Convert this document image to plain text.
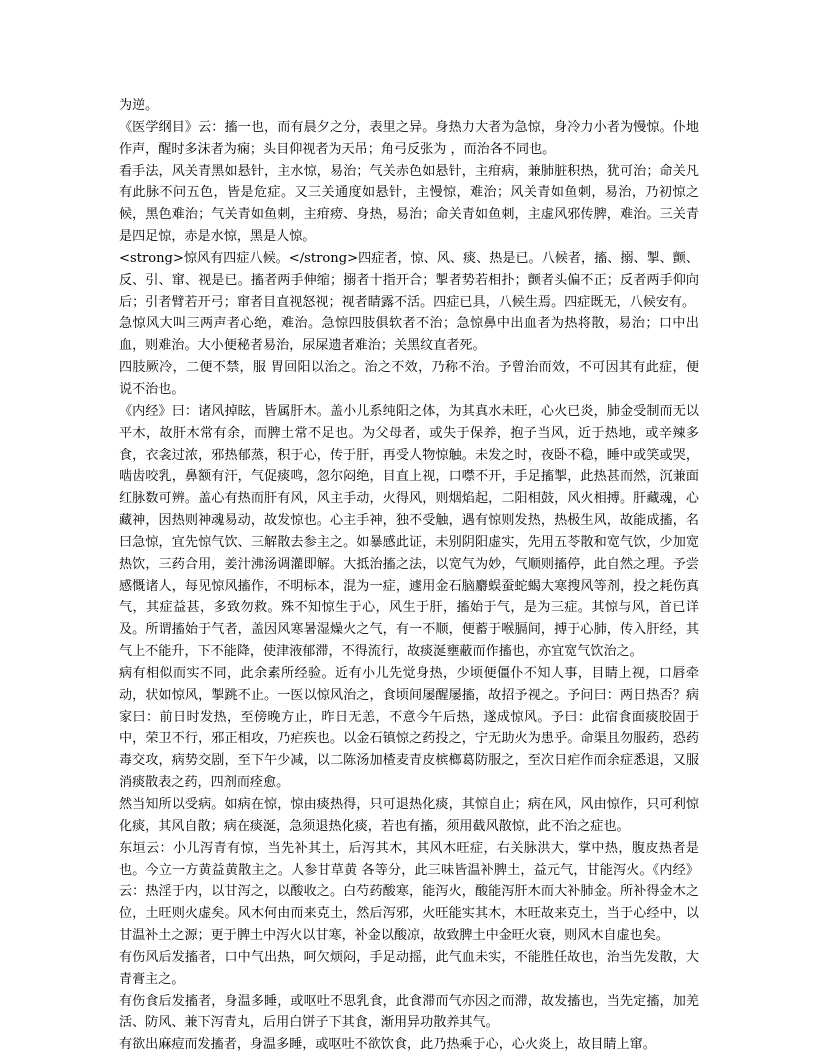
为逆。

《医学纲目》云：搐一也，而有晨夕之分，表里之异。身热力大者为急惊，身冷力小者为慢惊。仆地作声，醒时多沫者为痫；头目仰视者为天吊；角弓反张为 ，而治各不同也。

看手法，风关青黑如悬针，主水惊，易治；气关赤色如悬针，主疳病，兼肺脏积热，犹可治；命关凡有此脉不问五色，皆是危症。又三关通度如悬针，主慢惊，难治；风关青如鱼刺，易治，乃初惊之候，黑色难治；气关青如鱼刺，主疳痨、身热，易治；命关青如鱼刺，主虚风邪传脾，难治。三关青是四足惊，赤是水惊，黑是人惊。

<strong>惊风有四症八候。</strong>四症者，惊、风、痰、热是已。八候者，搐、搦、掣、颤、反、引、窜、视是已。搐者两手伸缩；搦者十指开合；掣者势若相扑；颤者头偏不正；反者两手仰向后；引者臂若开弓；窜者目直视怒视；视者睛露不活。四症已具，八候生焉。四症既无，八候安有。

急惊风大叫三两声者心绝，难治。急惊四肢俱软者不治；急惊鼻中出血者为热将散，易治；口中出血，则难治。大小便秘者易治，尿屎遗者难治；关黑纹直者死。

四肢厥冷，二便不禁，服 胃回阳以治之。治之不效，乃称不治。予曾治而效，不可因其有此症，便说不治也。

《内经》曰：诸风掉眩，皆属肝木。盖小儿系纯阳之体，为其真水未旺，心火已炎，肺金受制而无以平木，故肝木常有余，而脾土常不足也。为父母者，或失于保养，抱子当风，近于热地，或辛辣多食，衣衾过浓，邪热郁蒸，积于心，传于肝，再受人物惊触。未发之时，夜卧不稳，睡中或笑或哭，啮齿咬乳，鼻额有汗，气促痰鸣，忽尔闷绝，目直上视，口噤不开，手足搐掣，此热甚而然，沉兼面红脉数可辨。盖心有热而肝有风，风主手动，火得风，则烟焰起，二阳相鼓，风火相搏。肝藏魂，心藏神，因热则神魂易动，故发惊也。心主手神，独不受触，遇有惊则发热，热极生风，故能成搐，名曰急惊，宜先惊气饮、三解散去参主之。如暴感此证，未别阴阳虚实，先用五苓散和宽气饮，少加宽热饮，三药合用，姜汁沸汤调灌即解。大抵治搐之法，以宽气为妙，气顺则搐停，此自然之理。予尝感慨诸人，每见惊风搐作，不明标本，混为一症，遽用金石脑麝蜈蚕蛇蝎大寒搜风等剂，投之耗伤真气，其症益甚，多致勿救。殊不知惊生于心，风生于肝，搐始于气，是为三症。其惊与风，首已详及。所谓搐始于气者，盖因风寒暑湿燥火之气，有一不顺，便蓄于喉膈间，搏于心肺，传入肝经，其气上不能升，下不能降，使津液郁滞，不得流行，故痰涎壅蔽而作搐也，亦宜宽气饮治之。

病有相似而实不同，此余素所经验。近有小儿先觉身热，少顷便僵仆不知人事，目睛上视，口唇牵动，状如惊风，掣跳不止。一医以惊风治之，食顷间屡醒屡搐，故招予视之。予问曰：两日热否？病家曰：前日时发热，至傍晚方止，昨日无恙，不意今午后热，遂成惊风。予曰：此宿食面痰胶固于中，荣卫不行，邪正相攻，乃疟疾也。以金石镇惊之药投之，宁无助火为患乎。命渠且勿服药，恐药毒交攻，病势交剧，至下午少减，以二陈汤加楂麦青皮槟榔葛防服之，至次日疟作而余症悉退，又服消痰散表之药，四剂而痊愈。

然当知所以受病。如病在惊，惊由痰热得，只可退热化痰，其惊自止；病在风，风由惊作，只可利惊化痰，其风自散；病在痰涎，急须退热化痰，若也有搐，须用截风散惊，此不治之症也。

东垣云：小儿泻青有惊，当先补其土，后泻其木，其风木旺症，右关脉洪大，掌中热，腹皮热者是也。今立一方黄益黄散主之。人参甘草黄 各等分，此三味皆温补脾土，益元气，甘能泻火。《内经》云：热淫于内，以甘泻之，以酸收之。白芍药酸寒，能泻火，酸能泻肝木而大补肺金。所补得金木之位，土旺则火虚矣。风木何由而来克土，然后泻邪，火旺能实其木，木旺故来克土，当于心经中，以甘温补土之源；更于脾土中泻火以甘寒，补金以酸凉，故致脾土中金旺火衰，则风木自虚也矣。

有伤风后发搐者，口中气出热，呵欠烦闷，手足动摇，此气血未实，不能胜任故也，治当先发散，大青膏主之。

有伤食后发搐者，身温多睡，或呕吐不思乳食，此食滞而气亦因之而滞，故发搐也，当先定搐，加羌活、防风、兼下泻青丸，后用白饼子下其食，渐用异功散养其气。

有欲出麻痘而发搐者，身温多睡，或呕吐不欲饮食，此乃热乘于心，心火炎上，故目睛上窜。
